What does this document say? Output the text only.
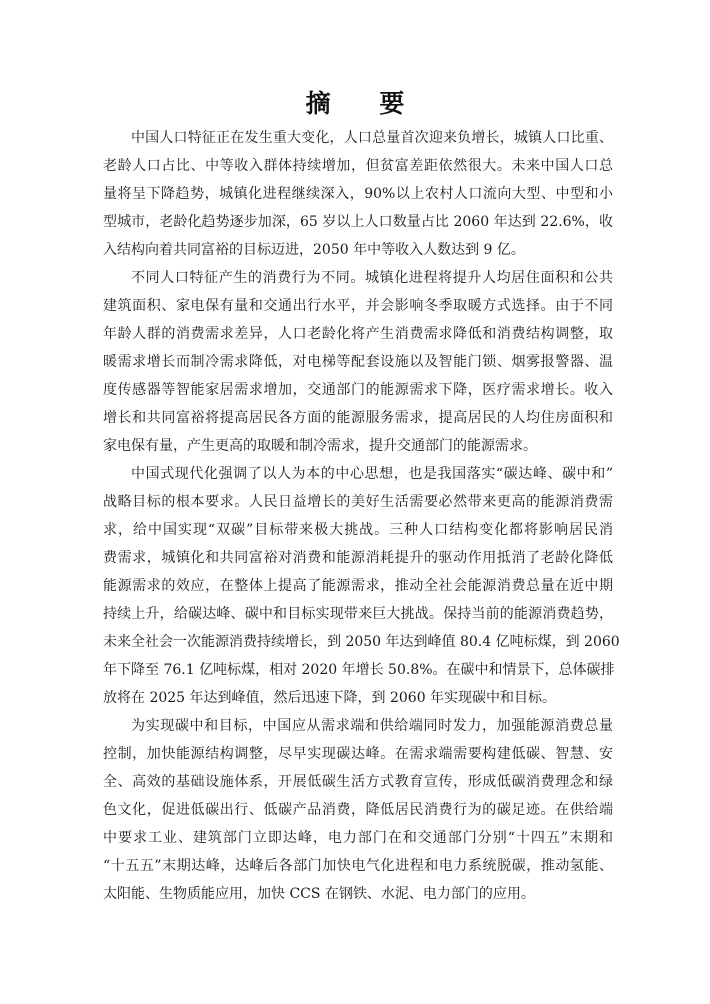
摘 要
中国人口特征正在发生重大变化，人口总量首次迎来负增长，城镇人口比重、
老龄人口占比、中等收入群体持续增加，但贫富差距依然很大。未来中国人口总
量将呈下降趋势，城镇化进程继续深入，90%以上农村人口流向大型、中型和小
型城市，老龄化趋势逐步加深，65 岁以上人口数量占比 2060 年达到 22.6%，收
入结构向着共同富裕的目标迈进，2050 年中等收入人数达到 9 亿。
不同人口特征产生的消费行为不同。城镇化进程将提升人均居住面积和公共
建筑面积、家电保有量和交通出行水平，并会影响冬季取暖方式选择。由于不同
年龄人群的消费需求差异，人口老龄化将产生消费需求降低和消费结构调整，取
暖需求增长而制冷需求降低，对电梯等配套设施以及智能门锁、烟雾报警器、温
度传感器等智能家居需求增加，交通部门的能源需求下降，医疗需求增长。收入
增长和共同富裕将提高居民各方面的能源服务需求，提高居民的人均住房面积和
家电保有量，产生更高的取暖和制冷需求，提升交通部门的能源需求。
中国式现代化强调了以人为本的中心思想，也是我国落实“碳达峰、碳中和”
战略目标的根本要求。人民日益增长的美好生活需要必然带来更高的能源消费需
求，给中国实现“双碳”目标带来极大挑战。三种人口结构变化都将影响居民消
费需求，城镇化和共同富裕对消费和能源消耗提升的驱动作用抵消了老龄化降低
能源需求的效应，在整体上提高了能源需求，推动全社会能源消费总量在近中期
持续上升，给碳达峰、碳中和目标实现带来巨大挑战。保持当前的能源消费趋势，
未来全社会一次能源消费持续增长，到 2050 年达到峰值 80.4 亿吨标煤，到 2060
年下降至 76.1 亿吨标煤，相对 2020 年增长 50.8%。在碳中和情景下，总体碳排
放将在 2025 年达到峰值，然后迅速下降，到 2060 年实现碳中和目标。
为实现碳中和目标，中国应从需求端和供给端同时发力，加强能源消费总量
控制，加快能源结构调整，尽早实现碳达峰。在需求端需要构建低碳、智慧、安
全、高效的基础设施体系，开展低碳生活方式教育宣传，形成低碳消费理念和绿
色文化，促进低碳出行、低碳产品消费，降低居民消费行为的碳足迹。在供给端
中要求工业、建筑部门立即达峰，电力部门在和交通部门分别“十四五”末期和
“十五五”末期达峰，达峰后各部门加快电气化进程和电力系统脱碳，推动氢能、
太阳能、生物质能应用，加快 CCS 在钢铁、水泥、电力部门的应用。
